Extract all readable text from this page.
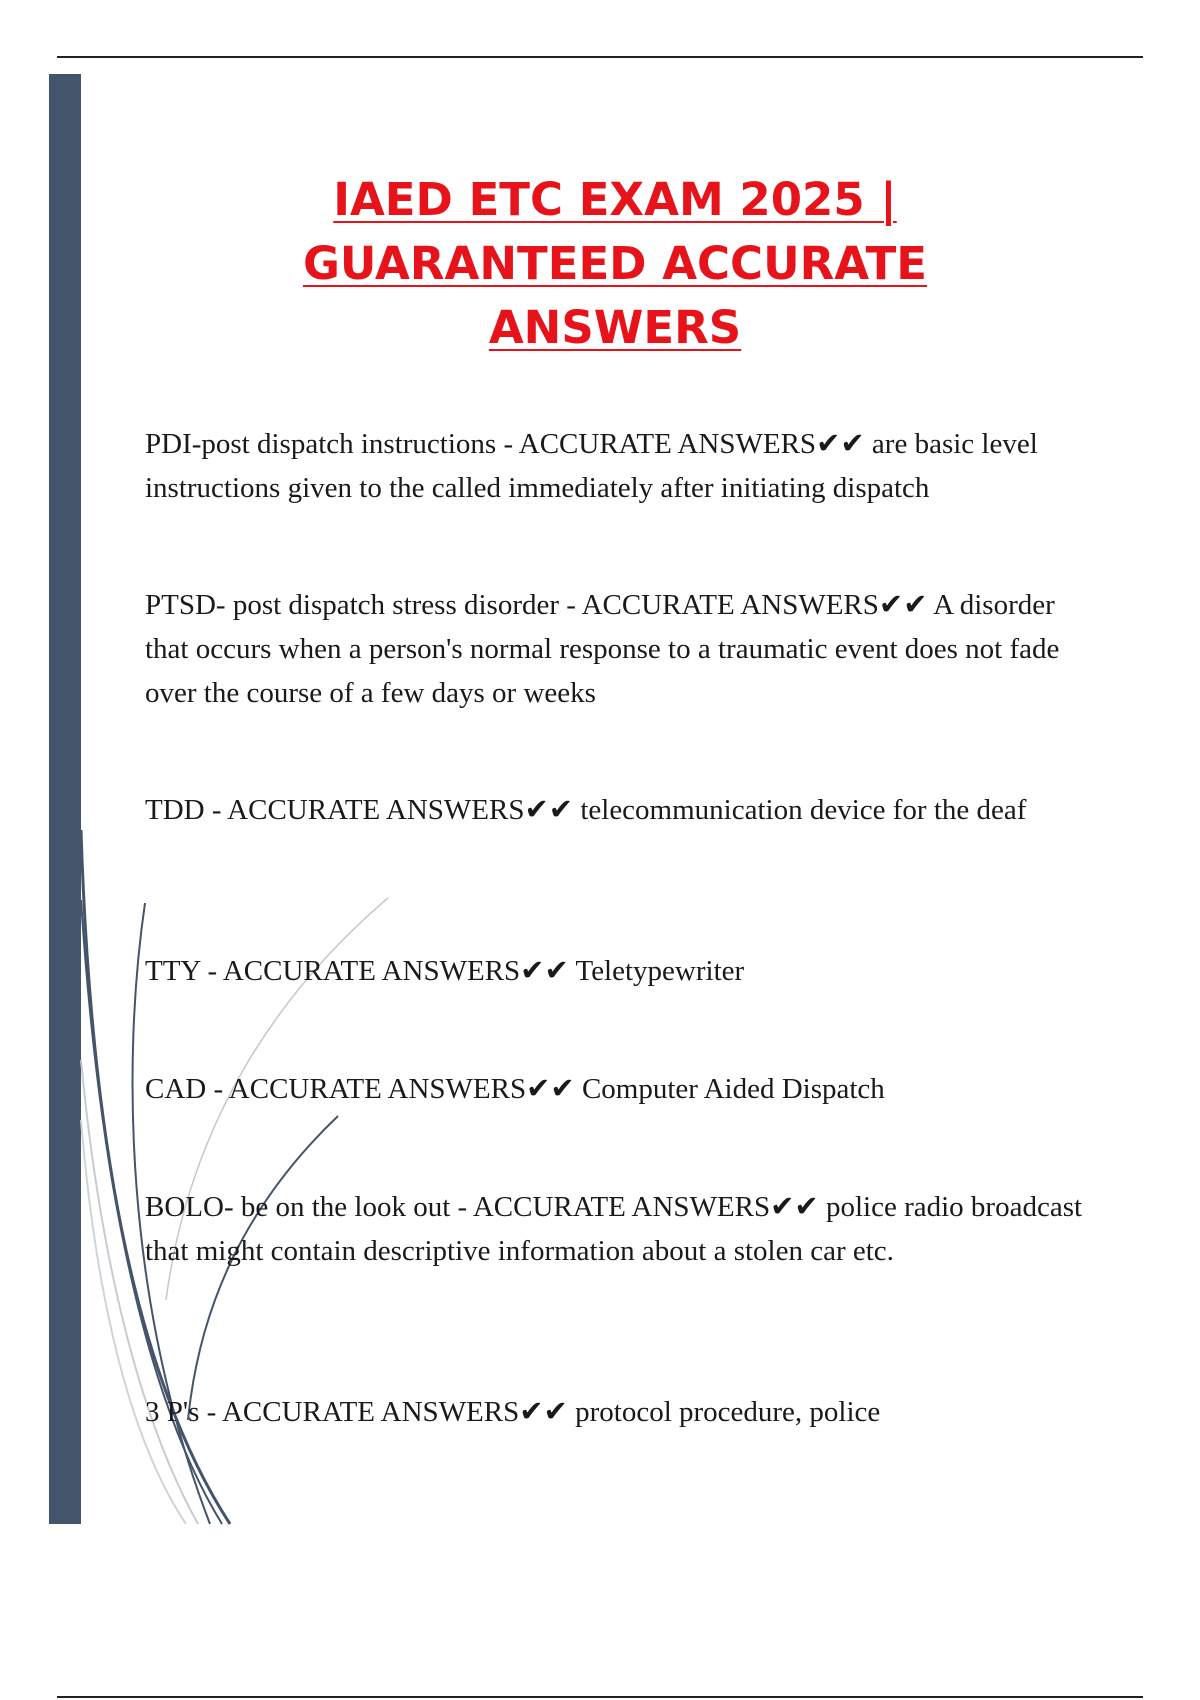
IAED ETC EXAM 2025 | GUARANTEED ACCURATE ANSWERS

PDI-post dispatch instructions - ACCURATE ANSWERS✔✔ are basic level instructions given to the called immediately after initiating dispatch

PTSD- post dispatch stress disorder - ACCURATE ANSWERS✔✔ A disorder that occurs when a person's normal response to a traumatic event does not fade over the course of a few days or weeks

TDD - ACCURATE ANSWERS✔✔ telecommunication device for the deaf

TTY - ACCURATE ANSWERS✔✔ Teletypewriter

CAD - ACCURATE ANSWERS✔✔ Computer Aided Dispatch

BOLO- be on the look out - ACCURATE ANSWERS✔✔ police radio broadcast that might contain descriptive information about a stolen car etc.

3 P's - ACCURATE ANSWERS✔✔ protocol procedure, police
